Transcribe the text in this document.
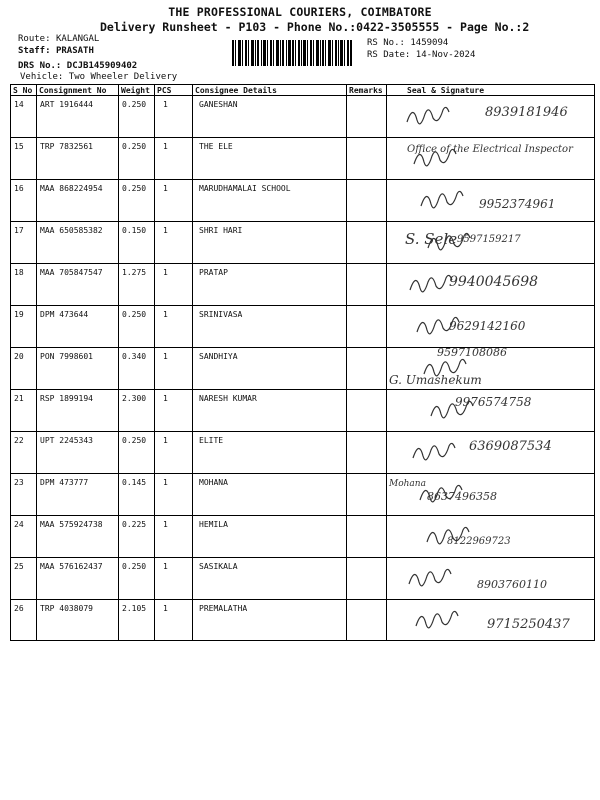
THE PROFESSIONAL COURIERS, COIMBATORE
Delivery Runsheet - P103 - Phone No.:0422-3505555 - Page No.:2
Route: KALANGAL
Staff: PRASATH
DRS No.: DCJB145909402
Vehicle: Two Wheeler Delivery
RS No.: 1459094
RS Date: 14-Nov-2024
S No	Consignment No	Weight	PCS	Consignee Details	Remarks	Seal & Signature
14	ART 1916444	0.250	1	GANESHAN		8939181946

15	TRP 7832561	0.250	1	THE ELE		Office of the Electrical Inspector

16	MAA 868224954	0.250	1	MARUDHAMALAI SCHOOL		9952374961

17	MAA 650585382	0.150	1	SHRI HARI		9597159217
S. Sele

18	MAA 705847547	1.275	1	PRATAP		9940045698

19	DPM 473644	0.250	1	SRINIVASA		9629142160

20	PON 7998601	0.340	1	SANDHIYA		9597108086
G. Umashekum

21	RSP 1899194	2.300	1	NARESH KUMAR		9976574758

22	UPT 2245343	0.250	1	ELITE		6369087534

23	DPM 473777	0.145	1	MOHANA		8637496358
Mohana

24	MAA 575924738	0.225	1	HEMILA		8122969723

25	MAA 576162437	0.250	1	SASIKALA		8903760110

26	TRP 4038079	2.105	1	PREMALATHA		9715250437
